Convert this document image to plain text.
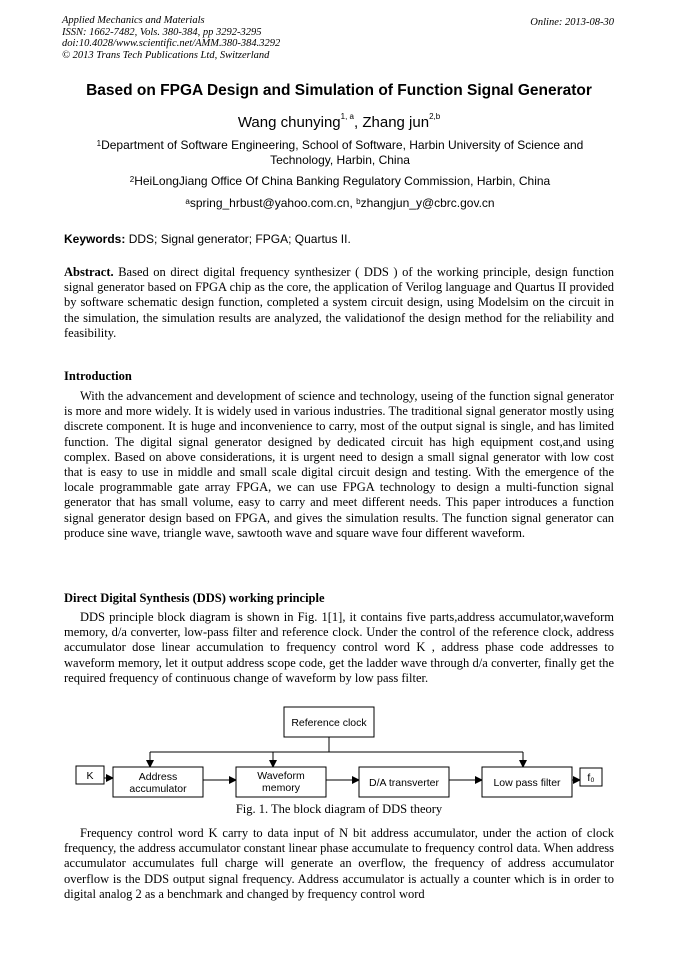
Applied Mechanics and Materials
ISSN: 1662-7482, Vols. 380-384, pp 3292-3295
doi:10.4028/www.scientific.net/AMM.380-384.3292
© 2013 Trans Tech Publications Ltd, Switzerland
Online: 2013-08-30
Based on FPGA Design and Simulation of Function Signal Generator
Wang chunying$^{1, a}$, Zhang jun$^{2,b}$
$^1$Department of Software Engineering, School of Software, Harbin University of Science and Technology, Harbin, China
$^2$HeiLongJiang Office Of China Banking Regulatory Commission, Harbin, China
$^a$spring_hrbust@yahoo.com.cn, $^b$zhangjun_y@cbrc.gov.cn
Keywords: DDS; Signal generator; FPGA; Quartus II.
Abstract. Based on direct digital frequency synthesizer ( DDS ) of the working principle, design function signal generator based on FPGA chip as the core, the application of Verilog language and Quartus II provided by software schematic design function, completed a system circuit design, using Modelsim on the circuit in the simulation, the simulation results are analyzed, the validationof the design method for the reliability and feasibility.
Introduction
With the advancement and development of science and technology, useing of the function signal generator is more and more widely. It is widely used in various industries. The traditional signal generator mostly using discrete component. It is huge and inconvenience to carry, most of the output signal is single, and has limited function. The digital signal generator designed by dedicated circuit has high equipment cost,and using complex. Based on above considerations, it is urgent need to design a small signal generator with low cost that is easy to use in middle and small scale digital circuit design and testing. With the emergence of the locale programmable gate array FPGA, we can use FPGA technology to design a multi-function signal generator that has small volume, easy to carry and meet different needs. This paper introduces a function signal generator design based on FPGA, and gives the simulation results. The function signal generator can produce sine wave, triangle wave, sawtooth wave and square wave four different waveform.
Direct Digital Synthesis (DDS) working principle
DDS principle block diagram is shown in Fig. 1[1], it contains five parts,address accumulator,waveform memory, d/a converter, low-pass filter and reference clock. Under the control of the reference clock, address accumulator dose linear accumulation to frequency control word K , address phase code addresses to waveform memory, let it output address scope code, get the ladder wave through d/a converter, finally get the required frequency of continuous change of waveform by low pass filter.
Reference clock
K	Address
accumulator
Waveform
memory	D/A transverter	Low pass filter	f₀
Fig. 1. The block diagram of DDS theory
Frequency control word K carry to data input of N bit address accumulator, under the action of clock frequency, the address accumulator constant linear phase accumulate to frequency control data. When address accumulator accumulates full charge will generate an overflow, the frequency of address accumulator overflow is the DDS output signal frequency. Address accumulator is actually a counter which is in order to digital analog 2 as a benchmark and changed by frequency control word
